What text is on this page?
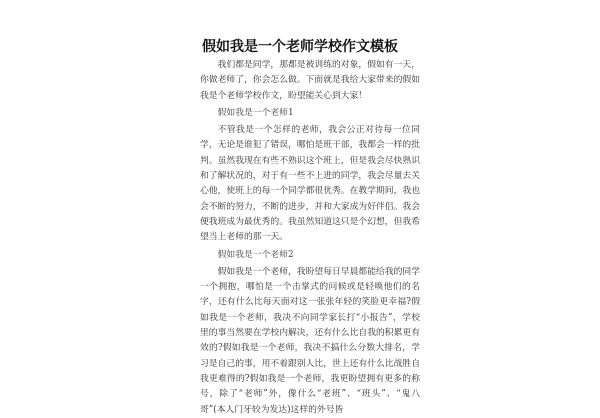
假如我是一个老师学校作文模板

我们都是同学，那都是被训练的对象，假如有一天，你做老师了，你会怎么做。下面就是我给大家带来的假如我是个老师学校作文，盼望能关心到大家！

假如我是一个老师1

不管我是一个怎样的老师，我会公正对待每一位同学，无论是谁犯了错误，哪怕是班干部，我都会一样的批判。虽然我现在有些不熟识这个班上，但是我会尽快熟识和了解状况的，对于有一些不上进的同学，我会尽量去关心他，使班上的每一个同学都很优秀。在教学期间，我也会不断的努力，不断的进步，并和大家成为好伴侣。我会便我班成为最优秀的。我虽然知道这只是个幻想，但我希望当上老师的那一天。

假如我是一个老师2

假如我是一个老师，我盼望每日早晨都能给我的同学一个拥抱，哪怕是一个击掌式的问候或是轻唤他们的名字，还有什么比每天面对这一张张年轻的笑脸更幸福?假如我是一个老师，我决不向同学家长打“小报告”，学校里的事当然要在学校内解决，还有什么比自我的积累更有效的?假如我是一个老师，我决不搞什么分数大排名，学习是自己的事，用不着跟别人比，世上还有什么比战胜自我更难得的?假如我是一个老师，我更盼望拥有更多的称号，除了“老师”外，像什么“老班”、“班头”、“鬼八哥”(本人门牙较为发达)这样的外号皆
